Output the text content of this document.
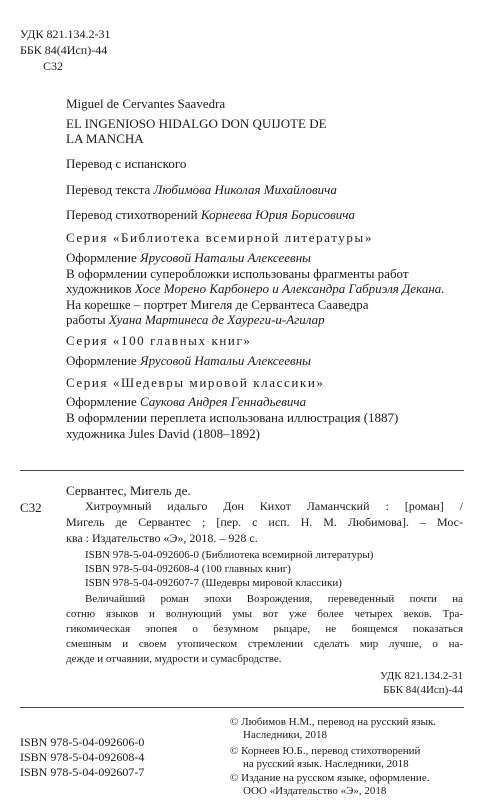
УДК 821.134.2-31
ББК 84(4Исп)-44
С32
Miguel de Cervantes Saavedra
EL INGENIOSO HIDALGO DON QUIJOTE DE
LA MANCHA
Перевод с испанского
Перевод текста Любимова Николая Михайловича
Перевод стихотворений Корнеева Юрия Борисовича
Серия «Библиотека всемирной литературы»
Оформление Ярусовой Натальи Алексеевны
В оформлении суперобложки использованы фрагменты работ
художников Хосе Морено Карбонеро и Александра Габриэля Декана.
На корешке – портрет Мигеля де Сервантеса Сааведра
работы Хуана Мартинеса де Хауреги-и-Агилар
Серия «100 главных книг»
Оформление Ярусовой Натальи Алексеевны
Серия «Шедевры мировой классики»
Оформление Саукова Андрея Геннадьевича
В оформлении переплета использована иллюстрация (1887)
художника Jules David (1808–1892)
Сервантес, Мигель де.
С32	Хитроумный идальго Дон Кихот Ламанчский : [роман] /
Мигель де Сервантес ; [пер. с исп. Н. М. Любимова]. – Мос-
ква : Издательство «Э», 2018. – 928 с.
ISBN 978-5-04-092606-0 (Библиотека всемирной литературы)
ISBN 978-5-04-092608-4 (100 главных книг)
ISBN 978-5-04-092607-7 (Шедевры мировой классики)
Величайший роман эпохи Возрождения, переведенный почти на
сотню языков и волнующий умы вот уже более четырех веков. Тра-
гикомическая эпопея о безумном рыцаре, не боящемся показаться
смешным и своем утопическом стремлении сделать мир лучше, о на-
дежде и отчаянии, мудрости и сумасбродстве.
УДК 821.134.2-31
ББК 84(4Исп)-44
ISBN 978-5-04-092606-0
ISBN 978-5-04-092608-4
ISBN 978-5-04-092607-7
© Любимов Н.М., перевод на русский язык.
Наследники, 2018
© Корнеев Ю.Б., перевод стихотворений
на русский язык. Наследники, 2018
© Издание на русском языке, оформление.
ООО «Издательство «Э», 2018
